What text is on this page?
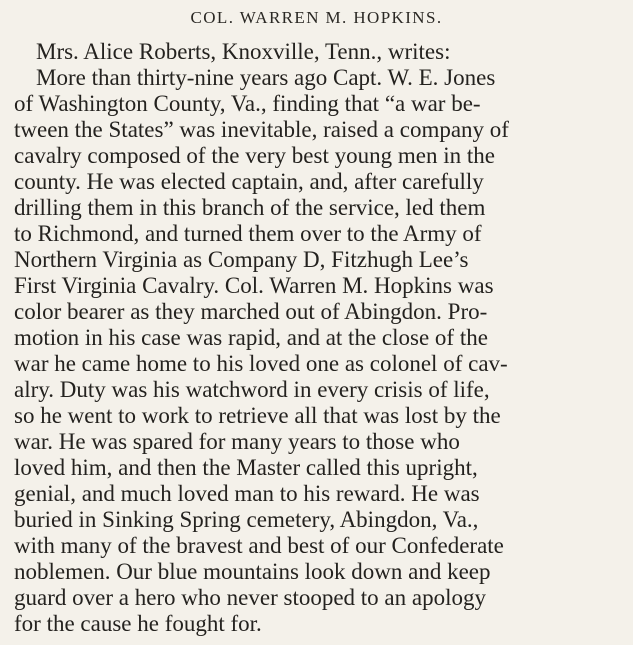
COL. WARREN M. HOPKINS.
Mrs. Alice Roberts, Knoxville, Tenn., writes:
More than thirty-nine years ago Capt. W. E. Jones
of Washington County, Va., finding that “a war be-
tween the States” was inevitable, raised a company of
cavalry composed of the very best young men in the
county. He was elected captain, and, after carefully
drilling them in this branch of the service, led them
to Richmond, and turned them over to the Army of
Northern Virginia as Company D, Fitzhugh Lee’s
First Virginia Cavalry. Col. Warren M. Hopkins was
color bearer as they marched out of Abingdon. Pro-
motion in his case was rapid, and at the close of the
war he came home to his loved one as colonel of cav-
alry. Duty was his watchword in every crisis of life,
so he went to work to retrieve all that was lost by the
war. He was spared for many years to those who
loved him, and then the Master called this upright,
genial, and much loved man to his reward. He was
buried in Sinking Spring cemetery, Abingdon, Va.,
with many of the bravest and best of our Confederate
noblemen. Our blue mountains look down and keep
guard over a hero who never stooped to an apology
for the cause he fought for.
